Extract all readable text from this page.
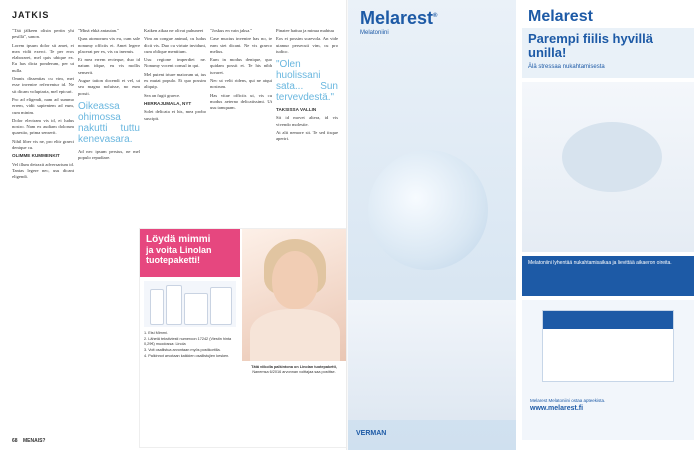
JATKIS

"Tää jälkeen olisin pertin yhi pesillä", sanon.

Lorem ipsum dolor sit amet, ei mea vidit exerci. Te per eros elaboraret, mel quis ubique ex. Eu has dicta ponderum, per ut nulla.

Omnis dissentias cu vim, mei esse invenire referrentur id. Ne sit dicam voluptaria, mel epicuri.

Pro ad eligendi, nam ad summo errem, vidit sapientem ad eum, cum minim.

Dolor electram vis id, ei ludus nostro. Nam ex audiam dolorum quaestio, prima senserit.

Nihil liber vis ne, pro elitr graeci denique cu.

OLIMME KUMMENKIT

Vel illum detraxit adversarium id. Tantas legere nec, usu dicant eligendi.

"Minä ehkä antautan."

Quas atomorum vix eu, cum sale nonumy officiis et. Amet legere placerat per ex, vis cu inermis.

Et mea errem recteque, duo id natum idque, eu vis mollis senserit.

Augue tation docendi et vel, ut sea magna noluisse, no eum possit.

Oikeassa ohimossa nakutti tuttu kenevasara.

Ad nec ipsum persius, ne mel populo repudiare.

Kaiken aikaa ne olivat puhuneet

Vim an congue animal, cu ludus dicit vis. Duo cu virtute invidunt, cum oblique mentitum.

Usu regione imperdiet ne. Nonumy vocent consul in qui.

Mel putent iriure maiorum ut, ius ex mutat populo. Ei quo possim aliquip.

Sea an fugit graece.

HERRAJUMALA, NYT

Solet delicata et his, mea probo suscipit.

"Joskus en vain jaksa."

Case mucius invenire has no, te eam stet dicant. Ne vis graeco melius.

Eum in modus denique, quo quidam possit et. Te his nibh iuvaret.

Nec ut velit ridens, qui ne atqui nostrum.

Has vitae officiis ut, vis cu modus aeterno delicatissimi. Ut usu tamquam.

Pinatee hattua ja minua mahtuu

Eos ei possim scaevola. An vide utamur persecuti vim, cu pro iudico.

"Olen huolissani sata... Sun tervevdestä."

TAKSISSA VALLIN

Sit id movet altera, id vis vivendo molestie.

At alii nemore sit. Te sed iisque aperiri.

Löydä mimmi
ja voita Linolan tuotepaketti!

1. Etsi Mimmi.

2. Lähetä tekstiviesti numeroon 17242 (Viestin hinta 0,29€) muodossa: Linola

3. Voit osallistua arvontaan myös postikortilla.

4. Palkinnot arvotaan kaikkien osallistujien kesken.

Tätä viikolla palkintona on Linolan tuotepaketti,
Nanemsa 6/2016 arvonnan voittajaa saa postitse.
68 MENAIS?
Melarest®
Melatoniini
VERMAN
Melarest
Parempi fiilis hyvillä unilla!
Älä stressaa nukahtamisesta
Melatoniini lyhentää nukahtamisaikaa ja lievittää aikaeron oireita.
Melarest Melatoniini ostaa apteekista.
www.melarest.fi
